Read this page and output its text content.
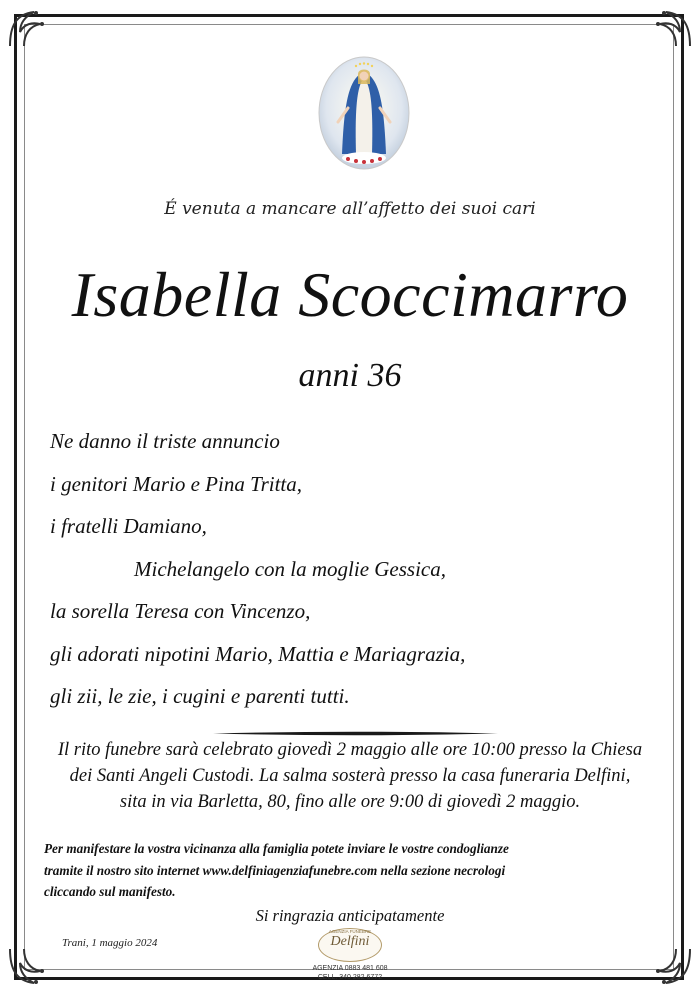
É venuta a mancare all’affetto dei suoi cari
Isabella Scoccimarro
anni 36
Ne danno il triste annuncio
i genitori Mario e Pina Tritta,
i fratelli Damiano,
Michelangelo con la moglie Gessica,
la sorella Teresa con Vincenzo,
gli adorati nipotini Mario, Mattia e Mariagrazia,
gli zii, le zie, i cugini e parenti tutti.
Il rito funebre sarà celebrato giovedì 2 maggio alle ore 10:00 presso la Chiesa
dei Santi Angeli Custodi. La salma sosterà presso la casa funeraria Delfini,
sita in via Barletta, 80, fino alle ore 9:00 di giovedì 2 maggio.
Per manifestare la vostra vicinanza alla famiglia potete inviare le vostre condoglianze
tramite il nostro sito internet www.delfiniagenziafunebre.com nella sezione necrologi
cliccando sul manifesto.
Si ringrazia anticipatamente
Trani, 1 maggio 2024
AGENZIA FUNEBRE
Delfini
AGENZIA 0883 481 608
CELL. 340 282 6772
